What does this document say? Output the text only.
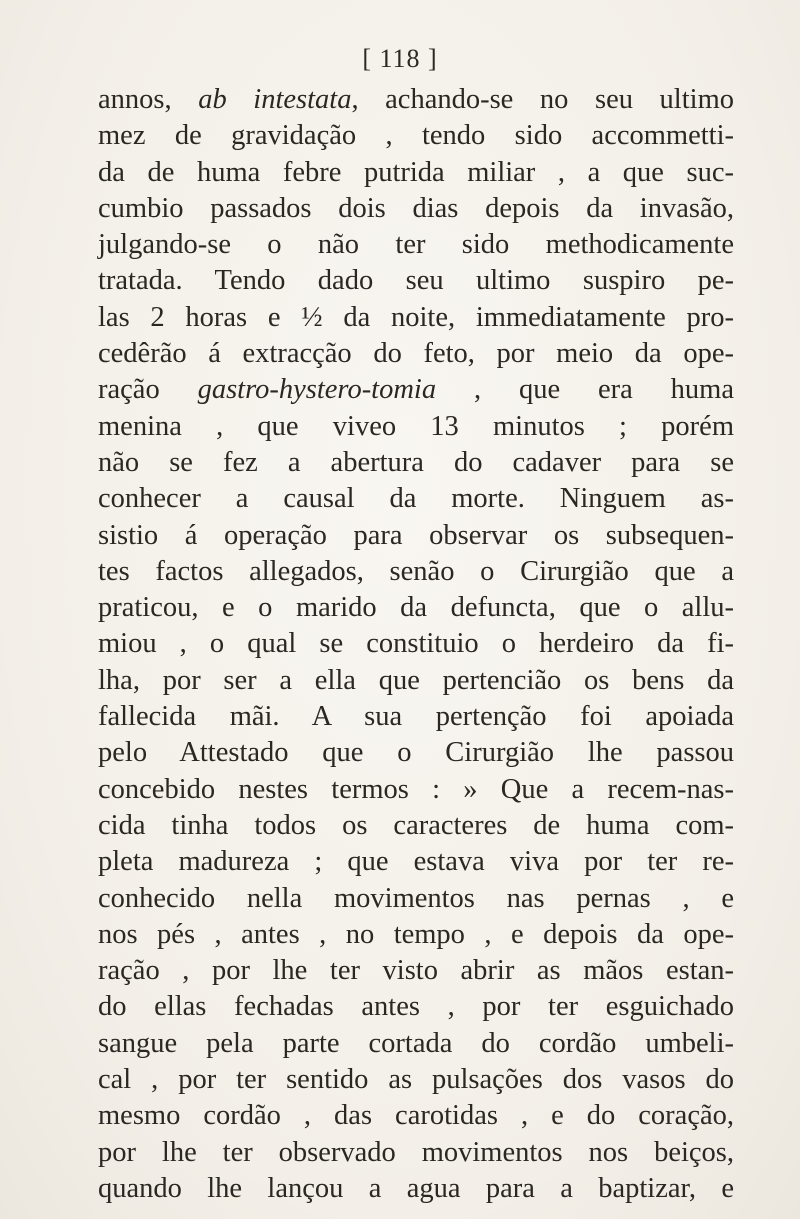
[ 118 ]
annos, ab intestata, achando-se no seu ultimo
mez de gravidação , tendo sido accommetti-
da de huma febre putrida miliar , a que suc-
cumbio passados dois dias depois da invasão,
julgando-se o não ter sido methodicamente
tratada. Tendo dado seu ultimo suspiro pe-
las 2 horas e ½ da noite, immediatamente pro-
cedêrão á extracção do feto, por meio da ope-
ração gastro-hystero-tomia , que era huma
menina , que viveo 13 minutos ; porém
não se fez a abertura do cadaver para se
conhecer a causal da morte. Ninguem as-
sistio á operação para observar os subsequen-
tes factos allegados, senão o Cirurgião que a
praticou, e o marido da defuncta, que o allu-
miou , o qual se constituio o herdeiro da fi-
lha, por ser a ella que pertencião os bens da
fallecida mãi. A sua pertenção foi apoiada
pelo Attestado que o Cirurgião lhe passou
concebido nestes termos : » Que a recem-nas-
cida tinha todos os caracteres de huma com-
pleta madureza ; que estava viva por ter re-
conhecido nella movimentos nas pernas , e
nos pés , antes , no tempo , e depois da ope-
ração , por lhe ter visto abrir as mãos estan-
do ellas fechadas antes , por ter esguichado
sangue pela parte cortada do cordão umbeli-
cal , por ter sentido as pulsações dos vasos do
mesmo cordão , das carotidas , e do coração,
por lhe ter observado movimentos nos beiços,
quando lhe lançou a agua para a baptizar, e
